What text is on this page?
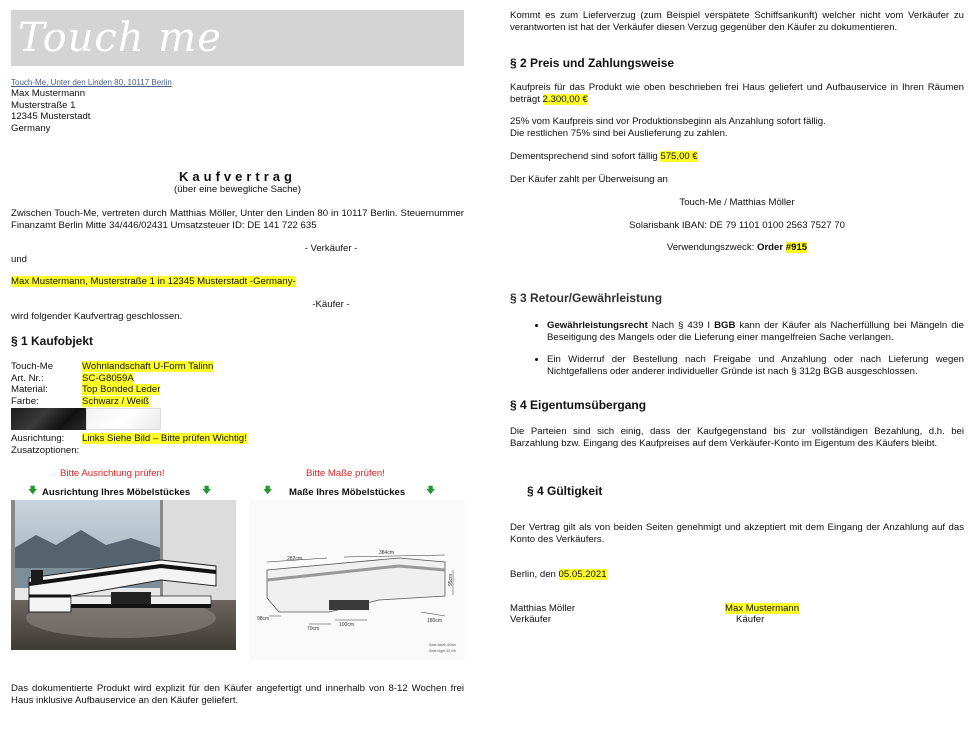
Touch me
Touch-Me, Unter den Linden 80, 10117 Berlin
Max Mustermann
Musterstraße 1
12345 Musterstadt
Germany
Kaufvertrag
(über eine bewegliche Sache)
Zwischen Touch-Me, vertreten durch Matthias Möller, Unter den Linden 80 in 10117 Berlin. Steuernummer Finanzamt Berlin Mitte 34/446/02431 Umsatzsteuer ID: DE 141 722 635
- Verkäufer -
und
Max Mustermann, Musterstraße 1 in 12345 Musterstadt -Germany-
-Käufer -
wird folgender Kaufvertrag geschlossen.
§ 1 Kaufobjekt
Touch-Me	Wohnlandschaft U-Form Talinn
Art. Nr.:	SC-G8059A
Material:	Top Bonded Leder
Farbe:	Schwarz / Weiß
Ausrichtung:	Links Siehe Bild – Bitte prüfen Wichtig!
Zusatzoptionen:
Bitte Ausrichtung prüfen!	Bitte Maße prüfen!
🡇 Ausrichtung Ihres Möbelstückes 🡇	🡇 Maße Ihres Möbelstückes 🡇
282cm
384cm
95cm
98cm
70cm
100cm
180cm
Seat depth 60cm
Seat hight 42 cm
Das dokumentierte Produkt wird explizit für den Käufer angefertigt und innerhalb von 8-12 Wochen frei Haus inklusive Aufbauservice an den Käufer geliefert.
Kommt es zum Lieferverzug (zum Beispiel verspätete Schiffsankunft) welcher nicht vom Verkäufer zu verantworten ist hat der Verkäufer diesen Verzug gegenüber den Käufer zu dokumentieren.
§ 2 Preis und Zahlungsweise
Kaufpreis für das Produkt wie oben beschrieben frei Haus geliefert und Aufbauservice in Ihren Räumen beträgt 2.300,00 €
25% vom Kaufpreis sind vor Produktionsbeginn als Anzahlung sofort fällig.
Die restlichen 75% sind bei Auslieferung zu zahlen.
Dementsprechend sind sofort fällig 575,00 €
Der Käufer zahlt per Überweisung an
Touch-Me / Matthias Möller
Solarisbank IBAN: DE 79 1101 0100 2563 7527 70
Verwendungszweck: Order #915
§ 3 Retour/Gewährleistung
• Gewährleistungsrecht Nach § 439 I BGB kann der Käufer als Nacherfüllung bei Mängeln die Beseitigung des Mangels oder die Lieferung einer mangelfreien Sache verlangen.
• Ein Widerruf der Bestellung nach Freigabe und Anzahlung oder nach Lieferung wegen Nichtgefallens oder anderer individueller Gründe ist nach § 312g BGB ausgeschlossen.
§ 4 Eigentumsübergang
Die Parteien sind sich einig, dass der Kaufgegenstand bis zur vollständigen Bezahlung, d.h. bei Barzahlung bzw. Eingang des Kaufpreises auf dem Verkäufer-Konto im Eigentum des Käufers bleibt.
§ 4 Gültigkeit
Der Vertrag gilt als von beiden Seiten genehmigt und akzeptiert mit dem Eingang der Anzahlung auf das Konto des Verkäufers.
Berlin, den 05.05.2021
Matthias Möller
Verkäufer
Max Mustermann
Käufer
